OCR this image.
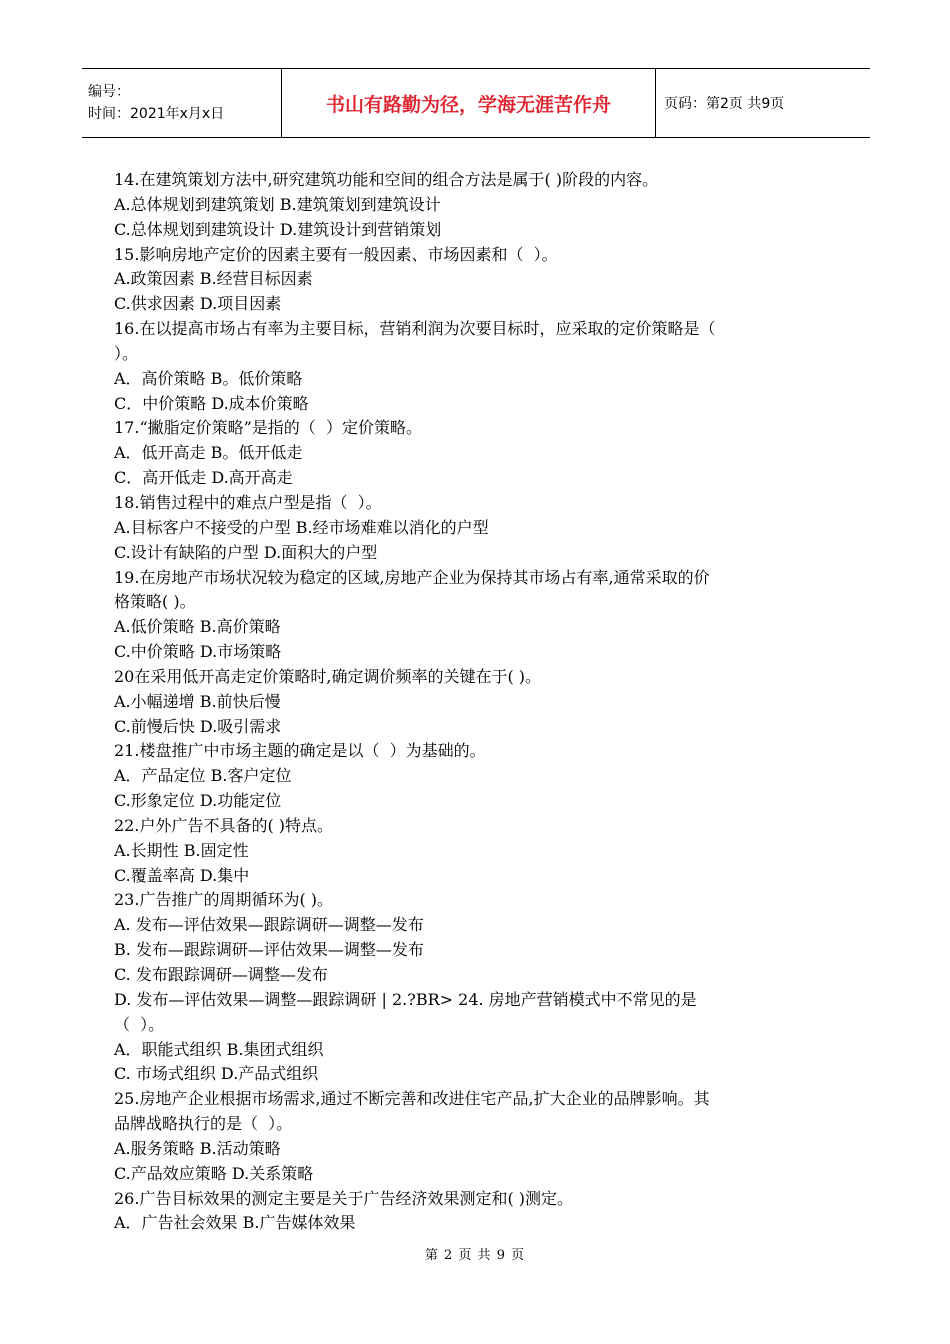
编号：
时间：2021年x月x日	书山有路勤为径，学海无涯苦作舟	页码：第2页 共9页
14.在建筑策划方法中,研究建筑功能和空间的组合方法是属于( )阶段的内容。
A.总体规划到建筑策划 B.建筑策划到建筑设计
C.总体规划到建筑设计 D.建筑设计到营销策划
15.影响房地产定价的因素主要有一般因素、市场因素和（  ）。
A.政策因素 B.经营目标因素
C.供求因素 D.项目因素
16.在以提高市场占有率为主要目标，营销利润为次要目标时，应采取的定价策略是（
）。
A．高价策略 B。低价策略
C．中价策略 D.成本价策略
17.“撇脂定价策略”是指的（  ）定价策略。
A．低开高走 B。低开低走
C．高开低走 D.高开高走
18.销售过程中的难点户型是指（  ）。
A.目标客户不接受的户型 B.经市场难难以消化的户型
C.设计有缺陷的户型 D.面积大的户型
19.在房地产市场状况较为稳定的区域,房地产企业为保持其市场占有率,通常采取的价
格策略( )。
A.低价策略 B.高价策略
C.中价策略 D.市场策略
20在采用低开高走定价策略时,确定调价频率的关键在于( )。
A.小幅递增 B.前快后慢
C.前慢后快 D.吸引需求
21.楼盘推广中市场主题的确定是以（  ）为基础的。
A．产品定位 B.客户定位
C.形象定位 D.功能定位
22.户外广告不具备的( )特点。
A.长期性 B.固定性
C.覆盖率高 D.集中
23.广告推广的周期循环为( )。
A. 发布—评估效果—跟踪调研—调整—发布
B. 发布—跟踪调研—评估效果—调整—发布
C. 发布跟踪调研—调整—发布
D. 发布—评估效果—调整—跟踪调研 | 2.?BR> 24. 房地产营销模式中不常见的是
（  ）。
A．职能式组织 B.集团式组织
C. 市场式组织 D.产品式组织
25.房地产企业根据市场需求,通过不断完善和改进住宅产品,扩大企业的品牌影响。其
品牌战略执行的是（  ）。
A.服务策略 B.活动策略
C.产品效应策略 D.关系策略
26.广告目标效果的测定主要是关于广告经济效果测定和( )测定。
A．广告社会效果 B.广告媒体效果
第 2 页 共 9 页
